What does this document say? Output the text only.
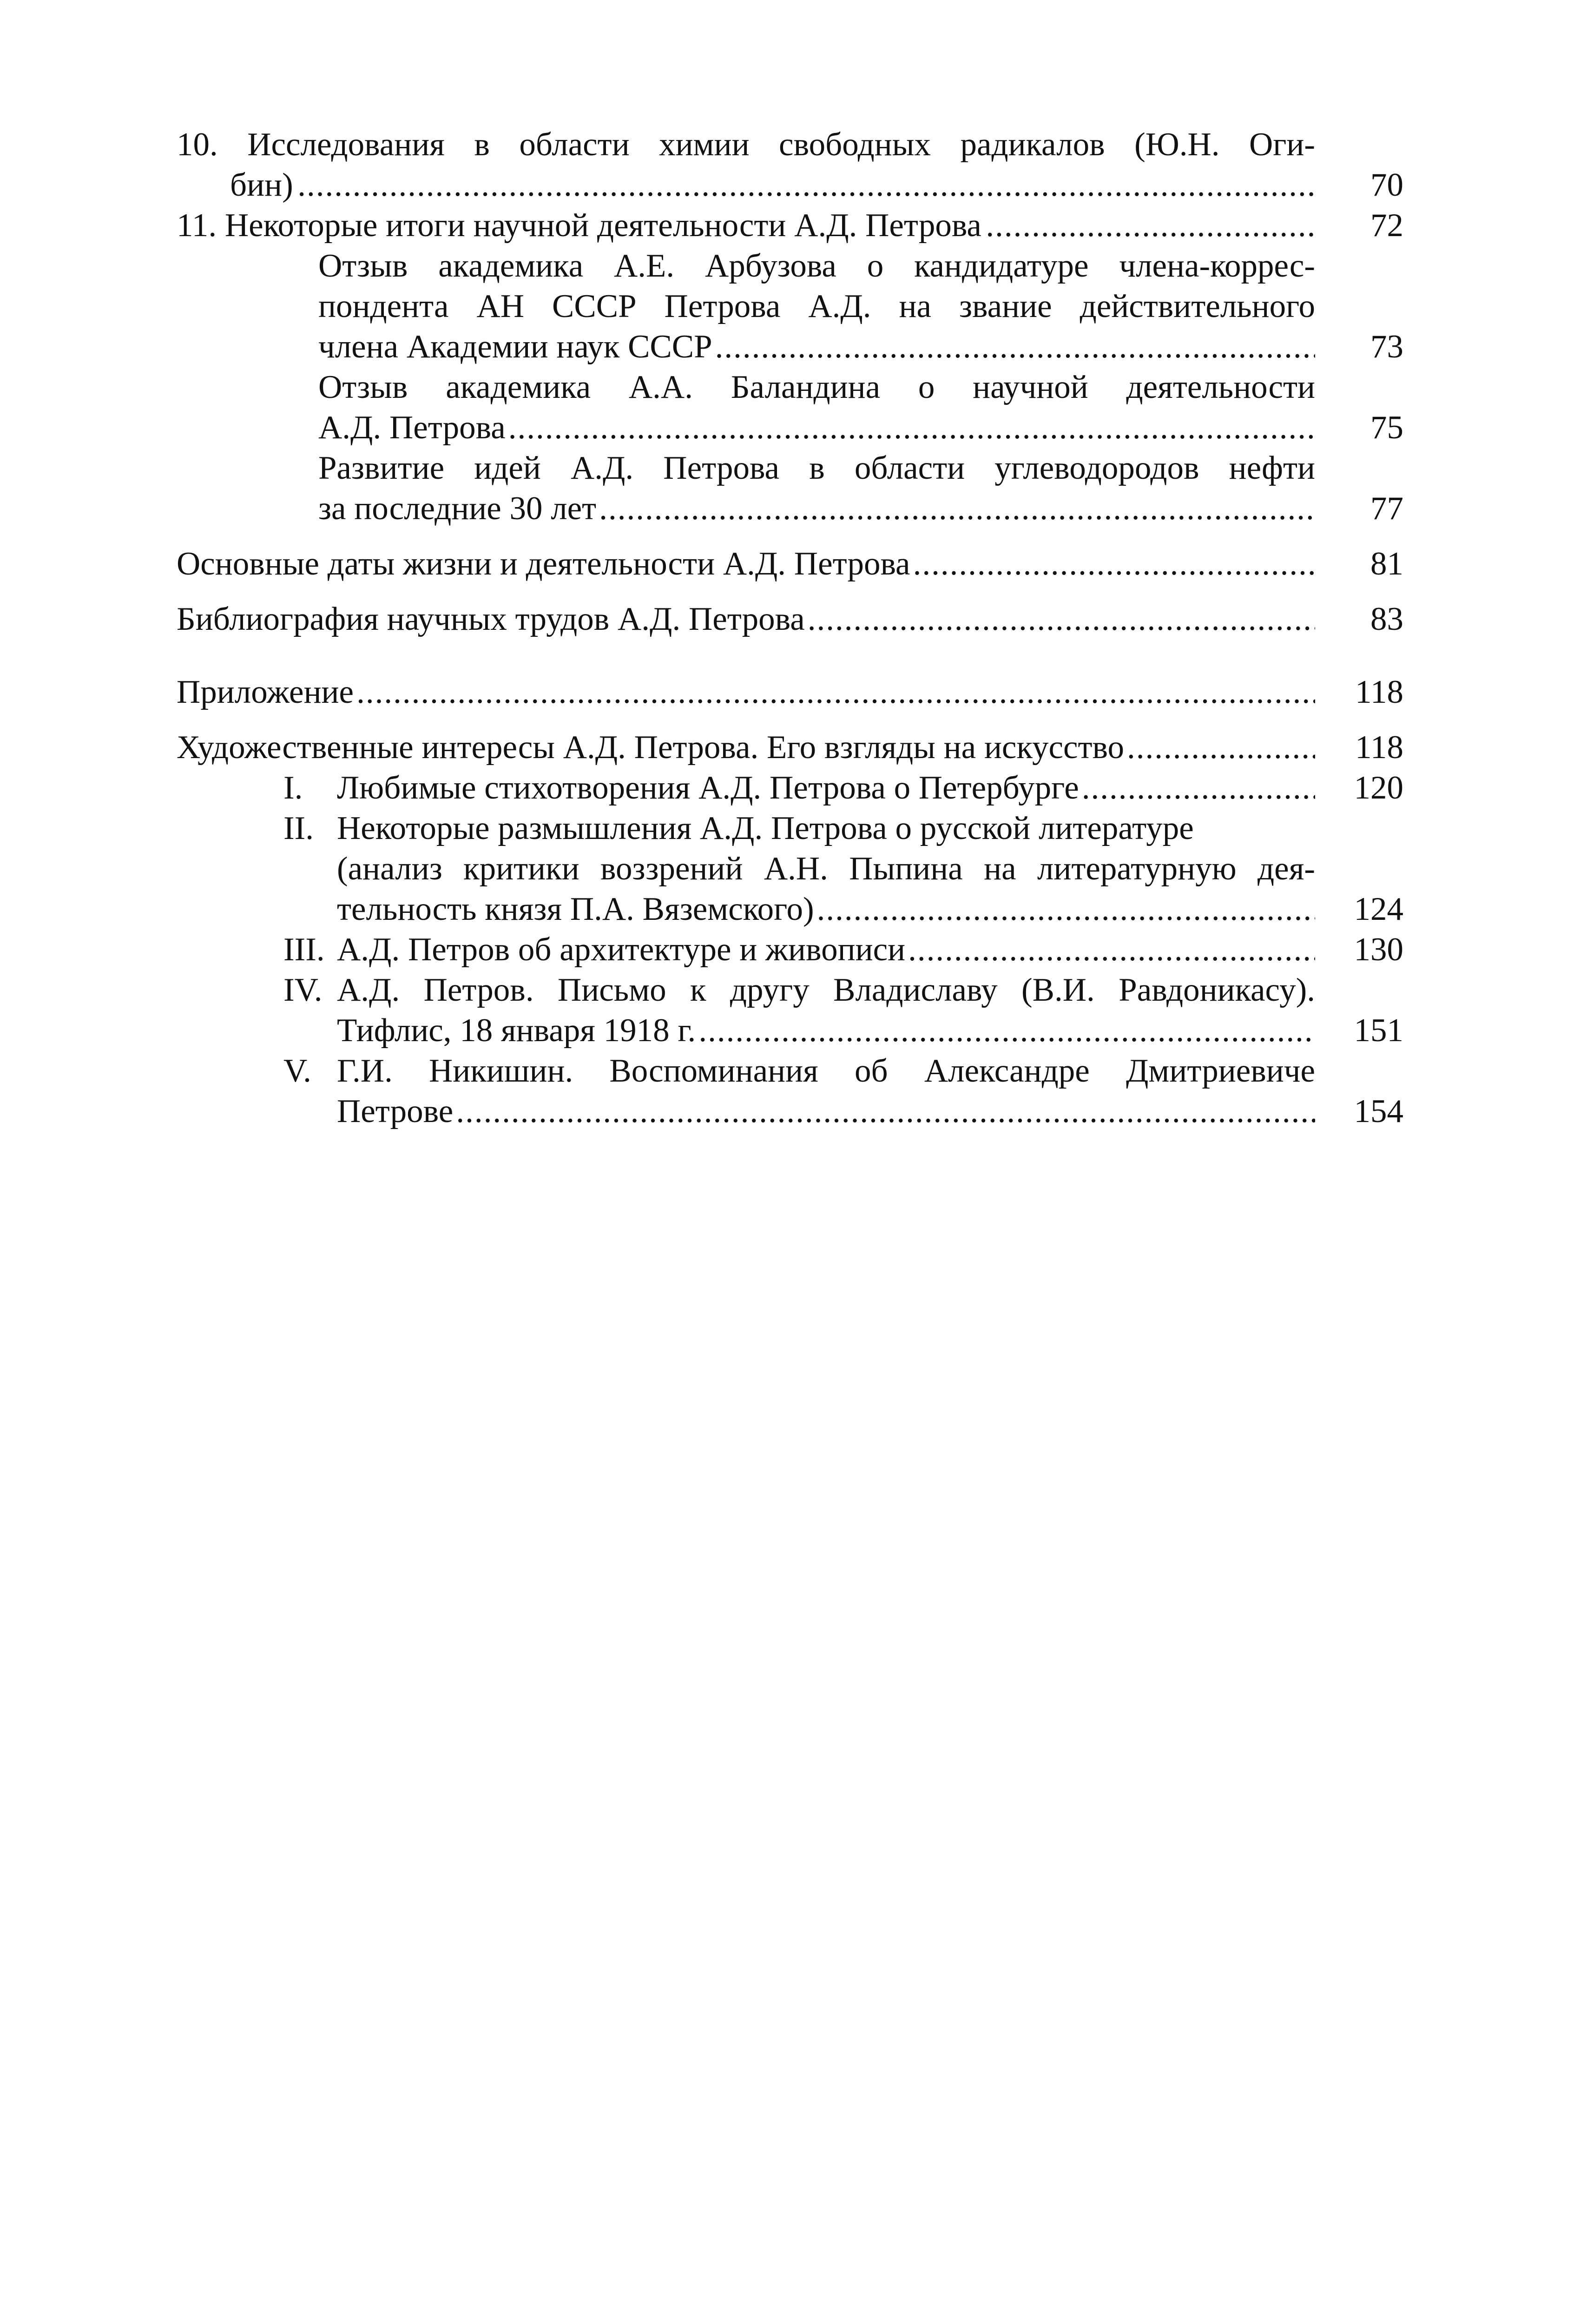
10. Исследования в области химии свободных радикалов (Ю.Н. Оги-
бин) .....	70
11. Некоторые итоги научной деятельности А.Д. Петрова .....	72
Отзыв академика А.Е. Арбузова о кандидатуре члена-коррес-
пондента АН СССР Петрова А.Д. на звание действительного
члена Академии наук СССР .....	73
Отзыв академика А.А. Баландина о научной деятельности
А.Д. Петрова .....	75
Развитие идей А.Д. Петрова в области углеводородов нефти
за последние 30 лет .....	77
Основные даты жизни и деятельности А.Д. Петрова .....	81
Библиография научных трудов А.Д. Петрова .....	83
Приложение .....	118
Художественные интересы А.Д. Петрова. Его взгляды на искусство .....	118
I. Любимые стихотворения А.Д. Петрова о Петербурге .....	120
II. Некоторые размышления А.Д. Петрова о русской литературе
(анализ критики воззрений А.Н. Пыпина на литературную дея-
тельность князя П.А. Вяземского) .....	124
III. А.Д. Петров об архитектуре и живописи .....	130
IV. А.Д. Петров. Письмо к другу Владиславу (В.И. Равдоникасу).
Тифлис, 18 января 1918 г. .....	151
V. Г.И. Никишин. Воспоминания об Александре Дмитриевиче
Петрове .....	154
